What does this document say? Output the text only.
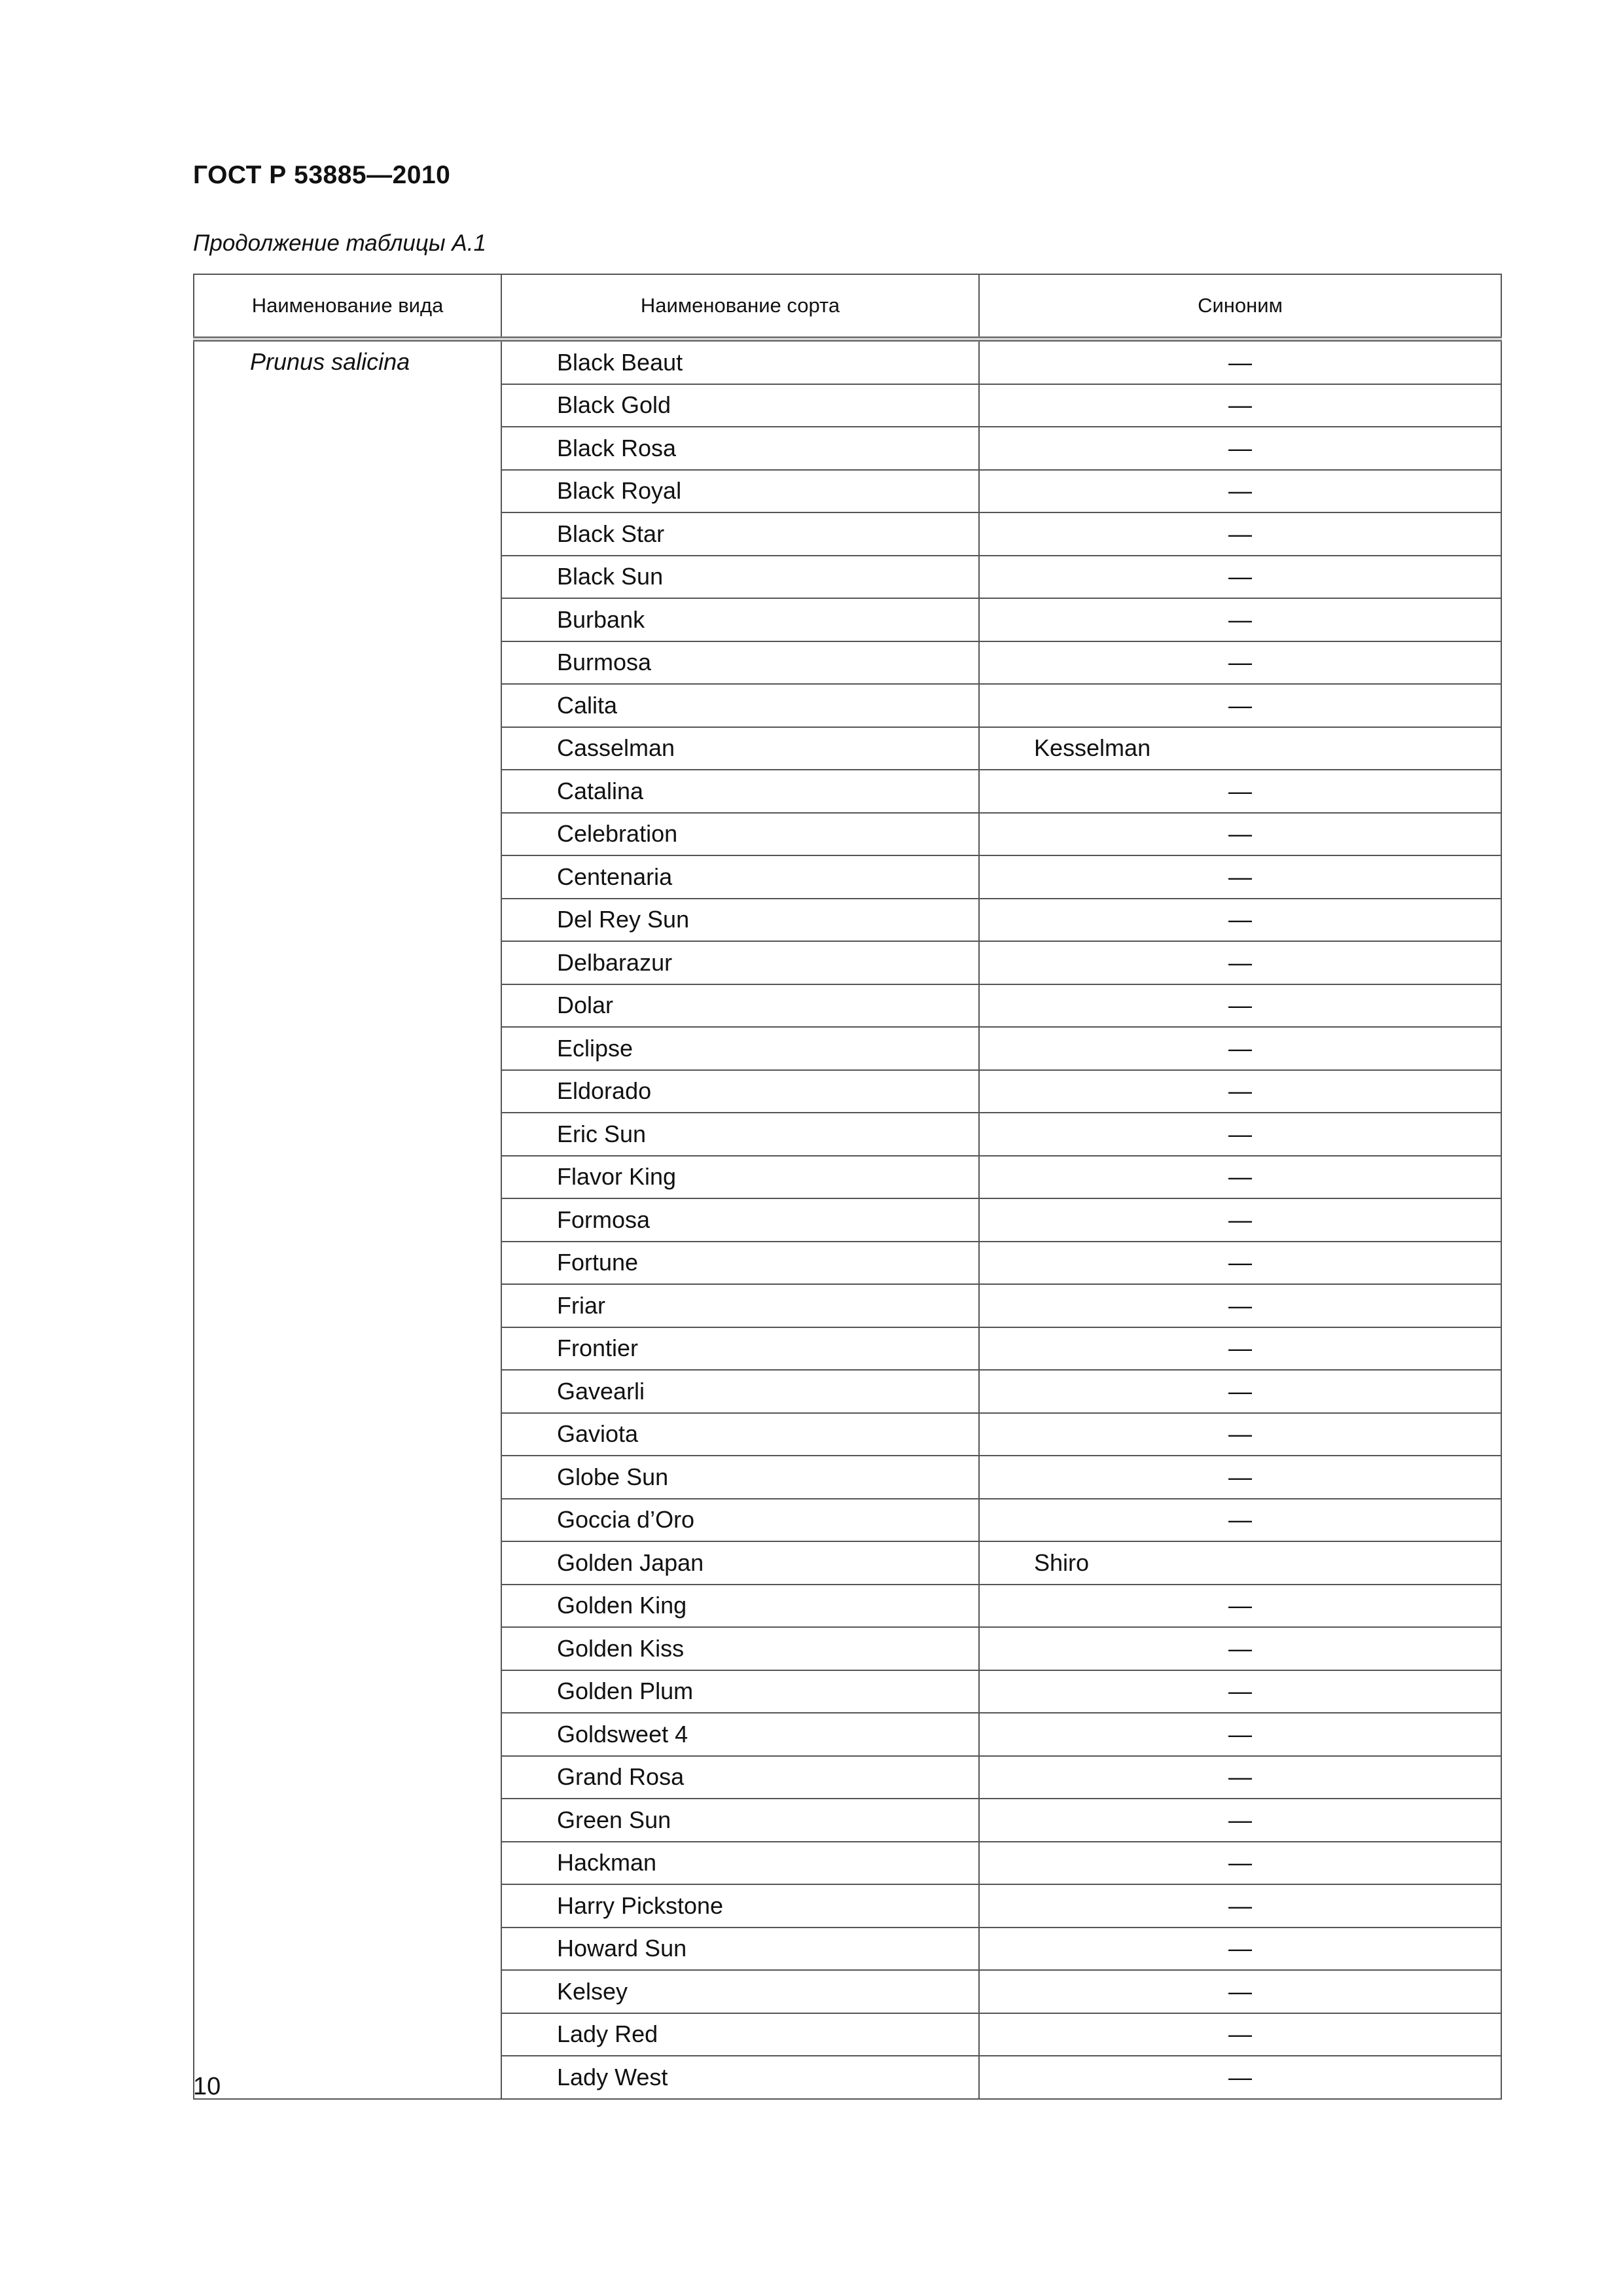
ГОСТ Р 53885—2010
Продолжение таблицы А.1
Наименование вида	Наименование сорта	Синоним
Prunus salicina	Black Beaut	—
	Black Gold	—
	Black Rosa	—
	Black Royal	—
	Black Star	—
	Black Sun	—
	Burbank	—
	Burmosa	—
	Calita	—
	Casselman	Kesselman
	Catalina	—
	Celebration	—
	Centenaria	—
	Del Rey Sun	—
	Delbarazur	—
	Dolar	—
	Eclipse	—
	Eldorado	—
	Eric Sun	—
	Flavor King	—
	Formosa	—
	Fortune	—
	Friar	—
	Frontier	—
	Gavearli	—
	Gaviota	—
	Globe Sun	—
	Goccia d’Oro	—
	Golden Japan	Shiro
	Golden King	—
	Golden Kiss	—
	Golden Plum	—
	Goldsweet 4	—
	Grand Rosa	—
	Green Sun	—
	Hackman	—
	Harry Pickstone	—
	Howard Sun	—
	Kelsey	—
	Lady Red	—
	Lady West	—
10
